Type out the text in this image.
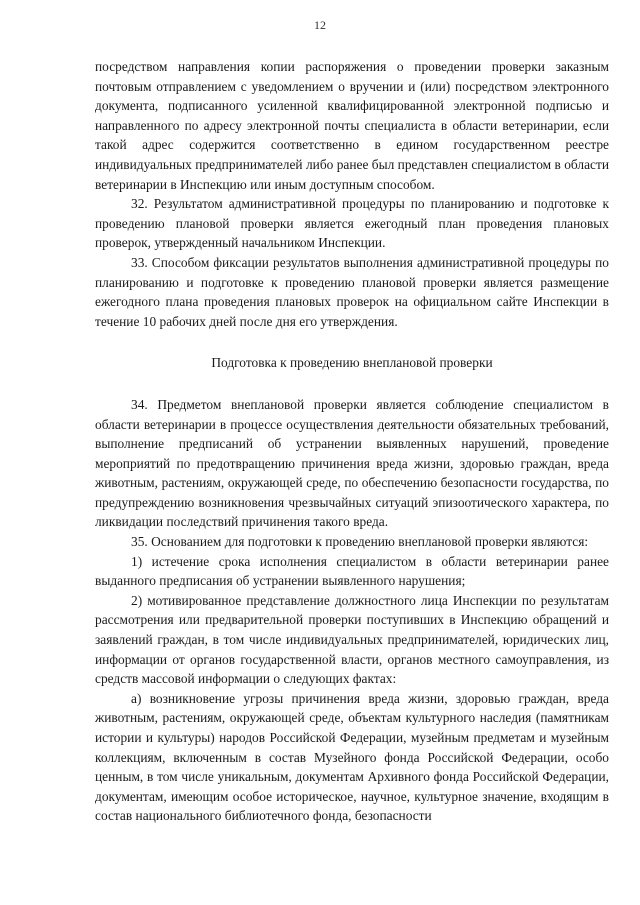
12

посредством направления копии распоряжения о проведении проверки заказным почтовым отправлением с уведомлением о вручении и (или) посредством электронного документа, подписанного усиленной квалифицированной электронной подписью и направленного по адресу электронной почты специалиста в области ветеринарии, если такой адрес содержится соответственно в едином государственном реестре индивидуальных предпринимателей либо ранее был представлен специалистом в области ветеринарии в Инспекцию или иным доступным способом.

32. Результатом административной процедуры по планированию и подготовке к проведению плановой проверки является ежегодный план проведения плановых проверок, утвержденный начальником Инспекции.

33. Способом фиксации результатов выполнения административной процедуры по планированию и подготовке к проведению плановой проверки является размещение ежегодного плана проведения плановых проверок на официальном сайте Инспекции в течение 10 рабочих дней после дня его утверждения.

Подготовка к проведению внеплановой проверки

34. Предметом внеплановой проверки является соблюдение специалистом в области ветеринарии в процессе осуществления деятельности обязательных требований, выполнение предписаний об устранении выявленных нарушений, проведение мероприятий по предотвращению причинения вреда жизни, здоровью граждан, вреда животным, растениям, окружающей среде, по обеспечению безопасности государства, по предупреждению возникновения чрезвычайных ситуаций эпизоотического характера, по ликвидации последствий причинения такого вреда.

35. Основанием для подготовки к проведению внеплановой проверки являются:

1) истечение срока исполнения специалистом в области ветеринарии ранее выданного предписания об устранении выявленного нарушения;

2) мотивированное представление должностного лица Инспекции по результатам рассмотрения или предварительной проверки поступивших в Инспекцию обращений и заявлений граждан, в том числе индивидуальных предпринимателей, юридических лиц, информации от органов государственной власти, органов местного самоуправления, из средств массовой информации о следующих фактах:

а) возникновение угрозы причинения вреда жизни, здоровью граждан, вреда животным, растениям, окружающей среде, объектам культурного наследия (памятникам истории и культуры) народов Российской Федерации, музейным предметам и музейным коллекциям, включенным в состав Музейного фонда Российской Федерации, особо ценным, в том числе уникальным, документам Архивного фонда Российской Федерации, документам, имеющим особое историческое, научное, культурное значение, входящим в состав национального библиотечного фонда, безопасности
